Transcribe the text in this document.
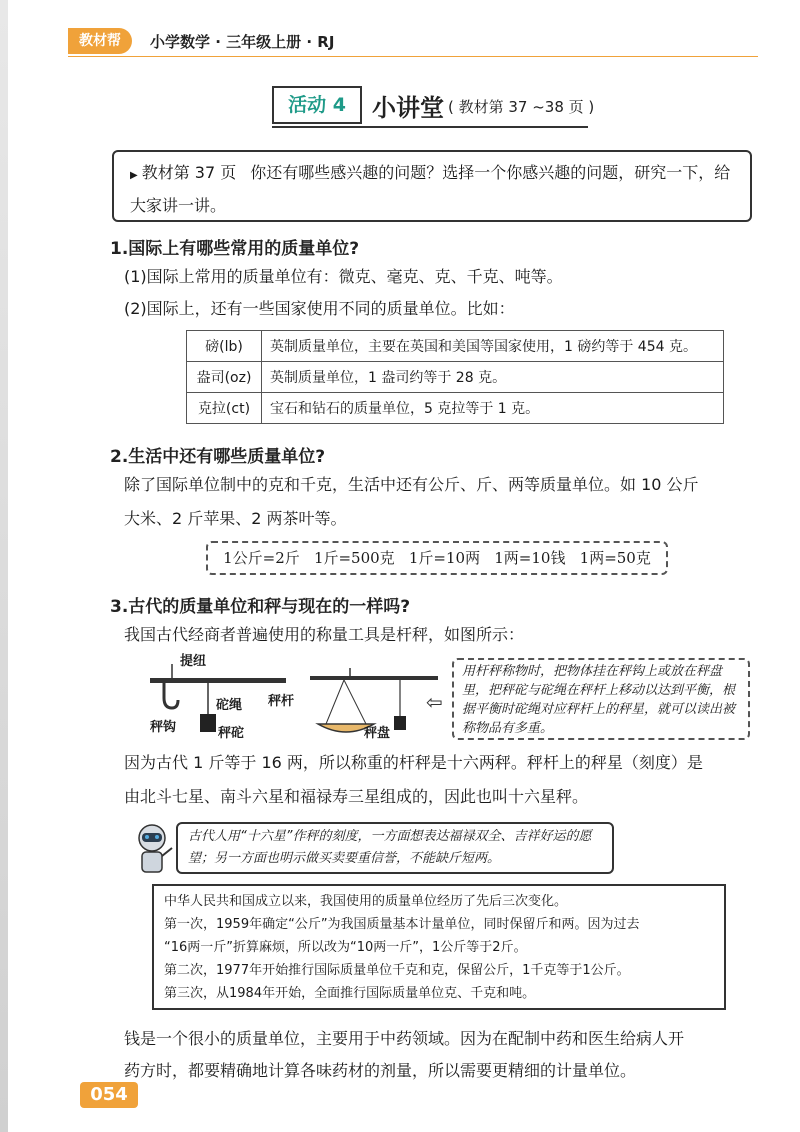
教材帮	小学数学 · 三年级上册 · RJ
活动 4	小讲堂 ( 教材第 37 ~38 页 )
▶ 教材第 37 页 你还有哪些感兴趣的问题？选择一个你感兴趣的问题，研究一下，给大家讲一讲。
1.国际上有哪些常用的质量单位?
(1)国际上常用的质量单位有：微克、毫克、克、千克、吨等。
(2)国际上，还有一些国家使用不同的质量单位。比如：
磅(lb)	英制质量单位，主要在英国和美国等国家使用，1 磅约等于 454 克。
盎司(oz)	英制质量单位，1 盎司约等于 28 克。
克拉(ct)	宝石和钻石的质量单位，5 克拉等于 1 克。
2.生活中还有哪些质量单位?
除了国际单位制中的克和千克，生活中还有公斤、斤、两等质量单位。如 10 公斤
大米、2 斤苹果、2 两茶叶等。
1公斤=2斤 1斤=500克 1斤=10两 1两=10钱 1两=50克
3.古代的质量单位和秤与现在的一样吗?
我国古代经商者普遍使用的称量工具是杆秤，如图所示：
提纽
砣绳 秤杆
秤钩	秤砣	秤盘
⇦
用杆秤称物时，把物体挂在秤钩上或放在秤盘里，把秤砣与砣绳在秤杆上移动以达到平衡，根据平衡时砣绳对应秤杆上的秤星，就可以读出被称物品有多重。
因为古代 1 斤等于 16 两，所以称重的杆秤是十六两秤。秤杆上的秤星（刻度）是
由北斗七星、南斗六星和福禄寿三星组成的，因此也叫十六星秤。
古代人用“十六星”作秤的刻度，一方面想表达福禄双全、吉祥好运的愿望；另一方面也明示做买卖要重信誉，不能缺斤短两。
中华人民共和国成立以来，我国使用的质量单位经历了先后三次变化。
第一次，1959年确定“公斤”为我国质量基本计量单位，同时保留斤和两。因为过去
“16两一斤”折算麻烦，所以改为“10两一斤”，1公斤等于2斤。
第二次，1977年开始推行国际质量单位千克和克，保留公斤，1千克等于1公斤。
第三次，从1984年开始，全面推行国际质量单位克、千克和吨。
钱是一个很小的质量单位，主要用于中药领域。因为在配制中药和医生给病人开
药方时，都要精确地计算各味药材的剂量，所以需要更精细的计量单位。
054
